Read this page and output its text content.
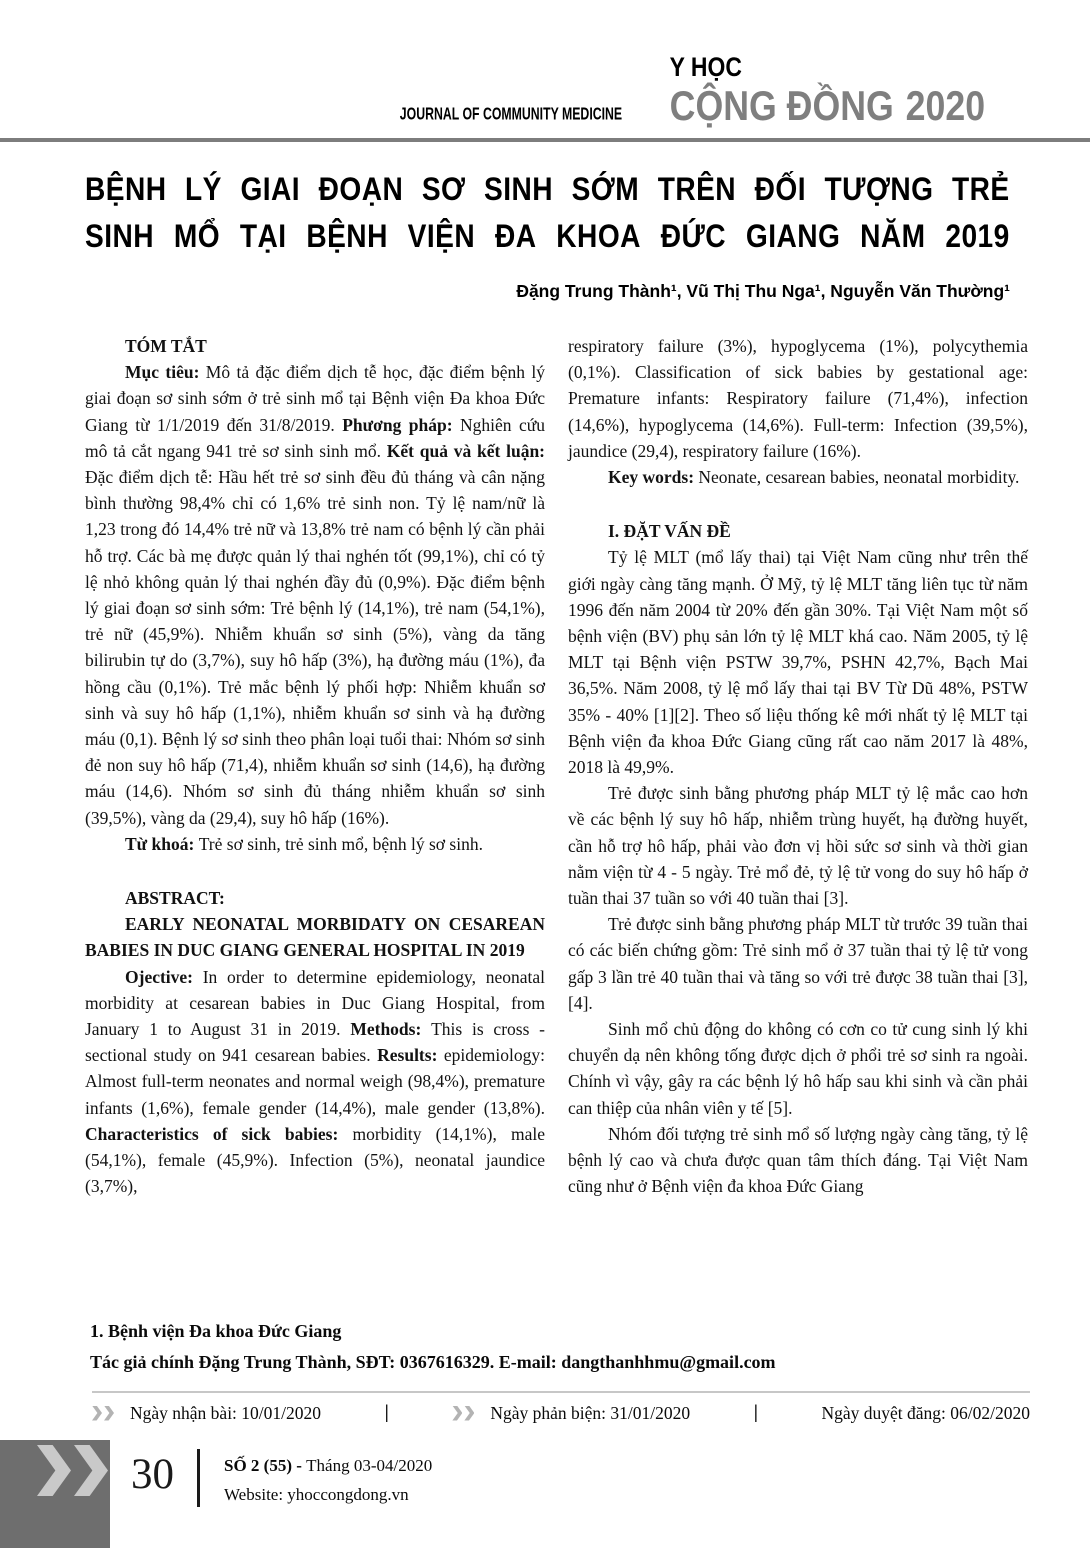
JOURNAL OF COMMUNITY MEDICINE
Y HỌC
CỘNG ĐỒNG 2020
BỆNH LÝ GIAI ĐOẠN SƠ SINH SỚM TRÊN ĐỐI TƯỢNG TRẺ
SINH MỔ TẠI BỆNH VIỆN ĐA KHOA ĐỨC GIANG NĂM 2019
Đặng Trung Thành¹, Vũ Thị Thu Nga¹, Nguyễn Văn Thường¹
TÓM TẮT
Mục tiêu: Mô tả đặc điểm dịch tễ học, đặc điểm bệnh lý giai đoạn sơ sinh sớm ở trẻ sinh mổ tại Bệnh viện Đa khoa Đức Giang từ 1/1/2019 đến 31/8/2019. Phương pháp: Nghiên cứu mô tả cắt ngang 941 trẻ sơ sinh sinh mổ. Kết quả và kết luận: Đặc điểm dịch tễ: Hầu hết trẻ sơ sinh đều đủ tháng và cân nặng bình thường 98,4% chỉ có 1,6% trẻ sinh non. Tỷ lệ nam/nữ là 1,23 trong đó 14,4% trẻ nữ và 13,8% trẻ nam có bệnh lý cần phải hỗ trợ. Các bà mẹ được quản lý thai nghén tốt (99,1%), chỉ có tỷ lệ nhỏ không quản lý thai nghén đầy đủ (0,9%). Đặc điểm bệnh lý giai đoạn sơ sinh sớm: Trẻ bệnh lý (14,1%), trẻ nam (54,1%), trẻ nữ (45,9%). Nhiễm khuẩn sơ sinh (5%), vàng da tăng bilirubin tự do (3,7%), suy hô hấp (3%), hạ đường máu (1%), đa hồng cầu (0,1%). Trẻ mắc bệnh lý phối hợp: Nhiễm khuẩn sơ sinh và suy hô hấp (1,1%), nhiễm khuẩn sơ sinh và hạ đường máu (0,1). Bệnh lý sơ sinh theo phân loại tuổi thai: Nhóm sơ sinh đẻ non suy hô hấp (71,4), nhiễm khuẩn sơ sinh (14,6), hạ đường máu (14,6). Nhóm sơ sinh đủ tháng nhiễm khuẩn sơ sinh (39,5%), vàng da (29,4), suy hô hấp (16%).
Từ khoá: Trẻ sơ sinh, trẻ sinh mổ, bệnh lý sơ sinh.
ABSTRACT:
EARLY NEONATAL MORBIDATY ON CESAREAN BABIES IN DUC GIANG GENERAL HOSPITAL IN 2019
Ojective: In order to determine epidemiology, neonatal morbidity at cesarean babies in Duc Giang Hospital, from January 1 to August 31 in 2019. Methods: This is cross - sectional study on 941 cesarean babies. Results: epidemiology: Almost full-term neonates and normal weigh (98,4%), premature infants (1,6%), female gender (14,4%), male gender (13,8%). Characteristics of sick babies: morbidity (14,1%), male (54,1%), female (45,9%). Infection (5%), neonatal jaundice (3,7%),
respiratory failure (3%), hypoglycema (1%), polycythemia (0,1%). Classification of sick babies by gestational age: Premature infants: Respiratory failure (71,4%), infection (14,6%), hypoglycema (14,6%). Full-term: Infection (39,5%), jaundice (29,4), respiratory failure (16%).
Key words: Neonate, cesarean babies, neonatal morbidity.
I. ĐẶT VẤN ĐỀ
Tỷ lệ MLT (mổ lấy thai) tại Việt Nam cũng như trên thế giới ngày càng tăng mạnh. Ở Mỹ, tỷ lệ MLT tăng liên tục từ năm 1996 đến năm 2004 từ 20% đến gần 30%. Tại Việt Nam một số bệnh viện (BV) phụ sản lớn tỷ lệ MLT khá cao. Năm 2005, tỷ lệ MLT tại Bệnh viện PSTW 39,7%, PSHN 42,7%, Bạch Mai 36,5%. Năm 2008, tỷ lệ mổ lấy thai tại BV Từ Dũ 48%, PSTW 35% - 40% [1][2]. Theo số liệu thống kê mới nhất tỷ lệ MLT tại Bệnh viện đa khoa Đức Giang cũng rất cao năm 2017 là 48%, 2018 là 49,9%.
Trẻ được sinh bằng phương pháp MLT tỷ lệ mắc cao hơn về các bệnh lý suy hô hấp, nhiễm trùng huyết, hạ đường huyết, cần hỗ trợ hô hấp, phải vào đơn vị hồi sức sơ sinh và thời gian nằm viện từ 4 - 5 ngày. Trẻ mổ đẻ, tỷ lệ tử vong do suy hô hấp ở tuần thai 37 tuần so với 40 tuần thai [3].
Trẻ được sinh bằng phương pháp MLT từ trước 39 tuần thai có các biến chứng gồm: Trẻ sinh mổ ở 37 tuần thai tỷ lệ tử vong gấp 3 lần trẻ 40 tuần thai và tăng so với trẻ được 38 tuần thai [3],[4].
Sinh mổ chủ động do không có cơn co tử cung sinh lý khi chuyển dạ nên không tống được dịch ở phổi trẻ sơ sinh ra ngoài. Chính vì vậy, gây ra các bệnh lý hô hấp sau khi sinh và cần phải can thiệp của nhân viên y tế [5].
Nhóm đối tượng trẻ sinh mổ số lượng ngày càng tăng, tỷ lệ bệnh lý cao và chưa được quan tâm thích đáng. Tại Việt Nam cũng như ở Bệnh viện đa khoa Đức Giang
1. Bệnh viện Đa khoa Đức Giang
Tác giả chính Đặng Trung Thành, SĐT: 0367616329. E-mail: dangthanhhmu@gmail.com
Ngày nhận bài: 10/01/2020	|	Ngày phản biện: 31/01/2020	|	Ngày duyệt đăng: 06/02/2020
30	SỐ 2 (55) - Tháng 03-04/2020
Website: yhoccongdong.vn
